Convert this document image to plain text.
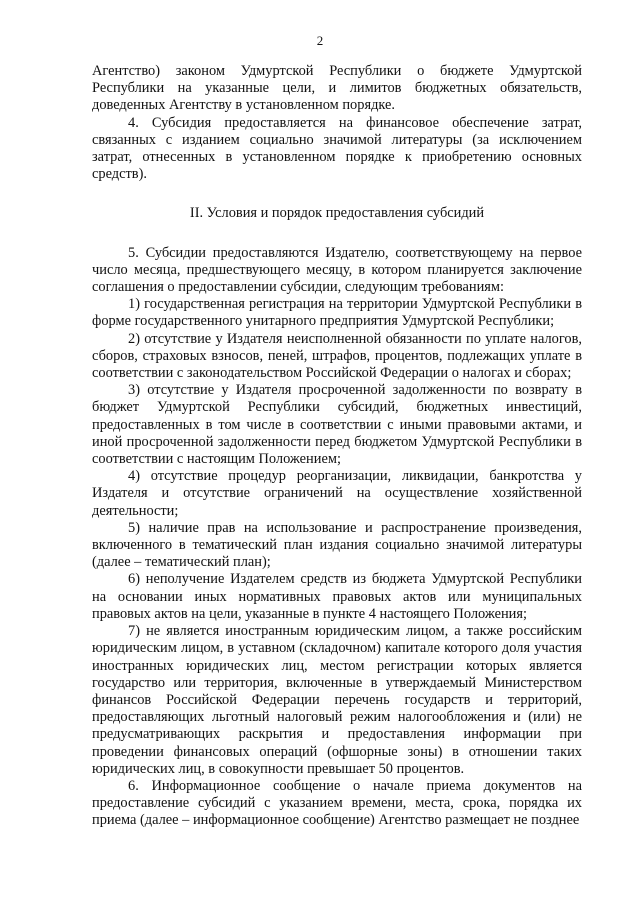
2

Агентство) законом Удмуртской Республики о бюджете Удмуртской Республики на указанные цели, и лимитов бюджетных обязательств, доведенных Агентству в установленном порядке.

4. Субсидия предоставляется на финансовое обеспечение затрат, связанных с изданием социально значимой литературы (за исключением затрат, отнесенных в установленном порядке к приобретению основных средств).

II. Условия и порядок предоставления субсидий

5. Субсидии предоставляются Издателю, соответствующему на первое число месяца, предшествующего месяцу, в котором планируется заключение соглашения о предоставлении субсидии, следующим требованиям:

1) государственная регистрация на территории Удмуртской Республики в форме государственного унитарного предприятия Удмуртской Республики;

2) отсутствие у Издателя неисполненной обязанности по уплате налогов, сборов, страховых взносов, пеней, штрафов, процентов, подлежащих уплате в соответствии с законодательством Российской Федерации о налогах и сборах;

3) отсутствие у Издателя просроченной задолженности по возврату в бюджет Удмуртской Республики субсидий, бюджетных инвестиций, предоставленных в том числе в соответствии с иными правовыми актами, и иной просроченной задолженности перед бюджетом Удмуртской Республики в соответствии с настоящим Положением;

4) отсутствие процедур реорганизации, ликвидации, банкротства у Издателя и отсутствие ограничений на осуществление хозяйственной деятельности;

5) наличие прав на использование и распространение произведения, включенного в тематический план издания социально значимой литературы (далее – тематический план);

6) неполучение Издателем средств из бюджета Удмуртской Республики на основании иных нормативных правовых актов или муниципальных правовых актов на цели, указанные в пункте 4 настоящего Положения;

7) не является иностранным юридическим лицом, а также российским юридическим лицом, в уставном (складочном) капитале которого доля участия иностранных юридических лиц, местом регистрации которых является государство или территория, включенные в утверждаемый Министерством финансов Российской Федерации перечень государств и территорий, предоставляющих льготный налоговый режим налогообложения и (или) не предусматривающих раскрытия и предоставления информации при проведении финансовых операций (офшорные зоны) в отношении таких юридических лиц, в совокупности превышает 50 процентов.

6. Информационное сообщение о начале приема документов на предоставление субсидий с указанием времени, места, срока, порядка их приема (далее – информационное сообщение) Агентство размещает не позднее
